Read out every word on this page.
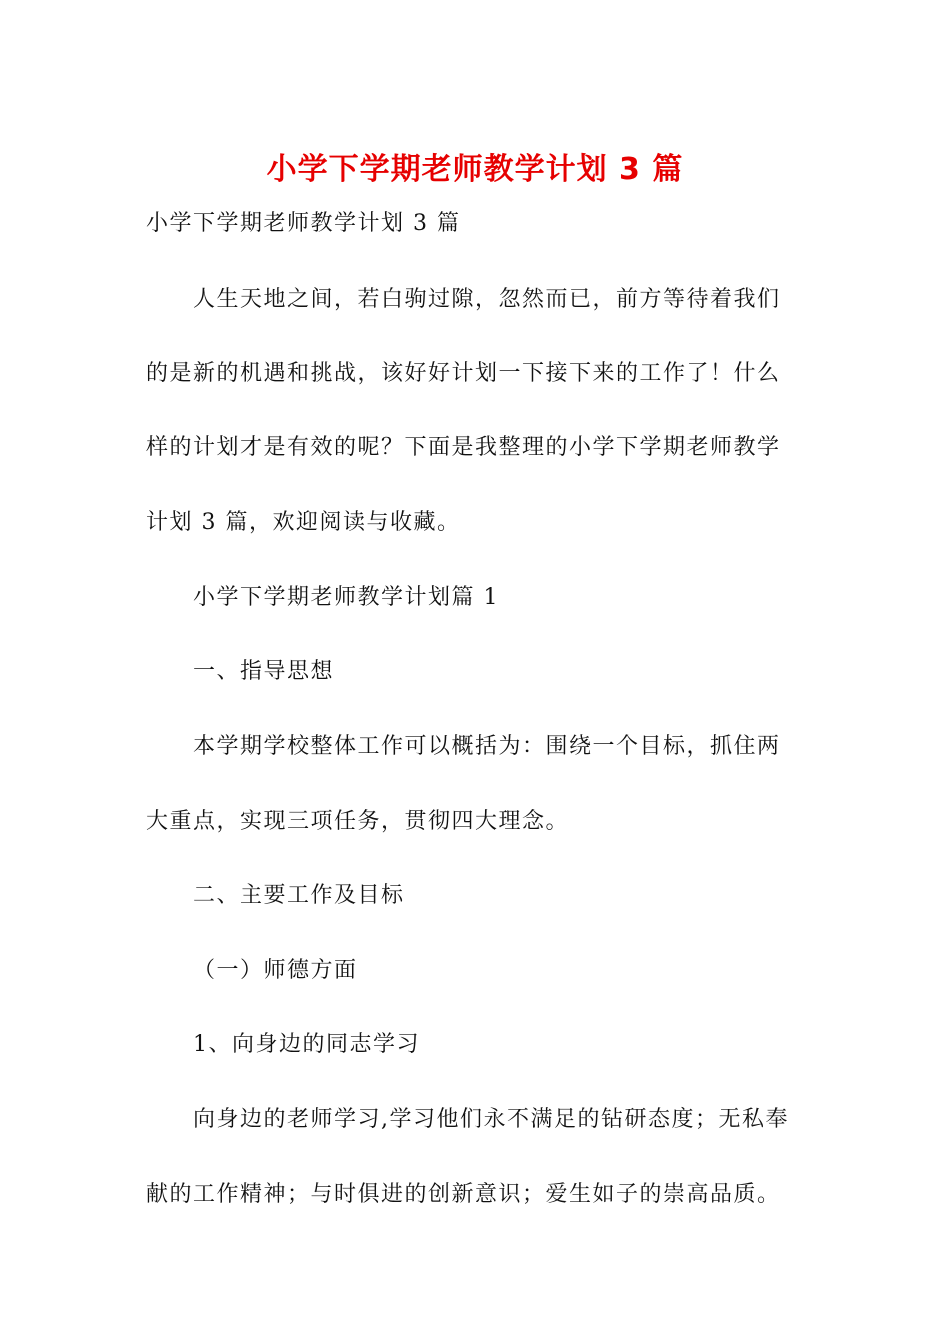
小学下学期老师教学计划 3 篇
小学下学期老师教学计划 3 篇
人生天地之间，若白驹过隙，忽然而已，前方等待着我们
的是新的机遇和挑战，该好好计划一下接下来的工作了！什么
样的计划才是有效的呢？下面是我整理的小学下学期老师教学
计划 3 篇，欢迎阅读与收藏。
小学下学期老师教学计划篇 1
一、指导思想
本学期学校整体工作可以概括为：围绕一个目标，抓住两
大重点，实现三项任务，贯彻四大理念。
二、主要工作及目标
（一）师德方面
1、向身边的同志学习
向身边的老师学习,学习他们永不满足的钻研态度；无私奉
献的工作精神；与时俱进的创新意识；爱生如子的崇高品质。
